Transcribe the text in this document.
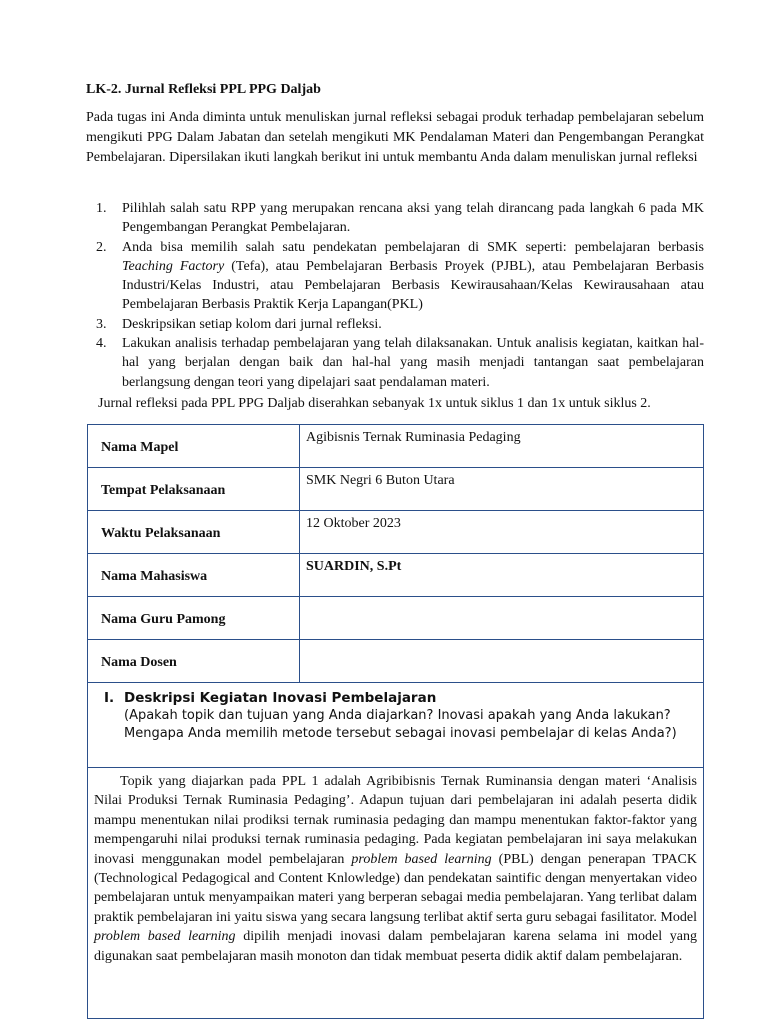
LK-2. Jurnal Refleksi PPL PPG Daljab

Pada tugas ini Anda diminta untuk menuliskan jurnal refleksi sebagai produk terhadap pembelajaran sebelum mengikuti PPG Dalam Jabatan dan setelah mengikuti MK Pendalaman Materi dan Pengembangan Perangkat Pembelajaran. Dipersilakan ikuti langkah berikut ini untuk membantu Anda dalam menuliskan jurnal refleksi

1. Pilihlah salah satu RPP yang merupakan rencana aksi yang telah dirancang pada langkah 6 pada MK Pengembangan Perangkat Pembelajaran.
2. Anda bisa memilih salah satu pendekatan pembelajaran di SMK seperti: pembelajaran berbasis Teaching Factory (Tefa), atau Pembelajaran Berbasis Proyek (PJBL), atau Pembelajaran Berbasis Industri/Kelas Industri, atau Pembelajaran Berbasis Kewirausahaan/Kelas Kewirausahaan atau Pembelajaran Berbasis Praktik Kerja Lapangan(PKL)
3. Deskripsikan setiap kolom dari jurnal refleksi.
4. Lakukan analisis terhadap pembelajaran yang telah dilaksanakan. Untuk analisis kegiatan, kaitkan hal-hal yang berjalan dengan baik dan hal-hal yang masih menjadi tantangan saat pembelajaran berlangsung dengan teori yang dipelajari saat pendalaman materi.

Jurnal refleksi pada PPL PPG Daljab diserahkan sebanyak 1x untuk siklus 1 dan 1x untuk siklus 2.

Nama Mapel	Agibisnis Ternak Ruminasia Pedaging
Tempat Pelaksanaan	SMK Negri 6 Buton Utara
Waktu Pelaksanaan	12 Oktober 2023
Nama Mahasiswa	SUARDIN, S.Pt
Nama Guru Pamong	
Nama Dosen	

I. Deskripsi Kegiatan Inovasi Pembelajaran
(Apakah topik dan tujuan yang Anda diajarkan? Inovasi apakah yang Anda lakukan? Mengapa Anda memilih metode tersebut sebagai inovasi pembelajar di kelas Anda?)	

Topik yang diajarkan pada PPL 1 adalah Agribibisnis Ternak Ruminansia dengan materi ‘Analisis Nilai Produksi Ternak Ruminasia Pedaging’. Adapun tujuan dari pembelajaran ini adalah peserta didik mampu menentukan nilai prodiksi ternak ruminasia pedaging dan mampu menentukan faktor-faktor yang mempengaruhi nilai produksi ternak ruminasia pedaging. Pada kegiatan pembelajaran ini saya melakukan inovasi menggunakan model pembelajaran problem based learning (PBL) dengan penerapan TPACK (Technological Pedagogical and Content Knlowledge) dan pendekatan saintific dengan menyertakan video pembelajaran untuk menyampaikan materi yang berperan sebagai media pembelajaran. Yang terlibat dalam praktik pembelajaran ini yaitu siswa yang secara langsung terlibat aktif serta guru sebagai fasilitator. Model problem based learning dipilih menjadi inovasi dalam pembelajaran karena selama ini model yang digunakan saat pembelajaran masih monoton dan tidak membuat peserta didik aktif dalam pembelajaran.	
